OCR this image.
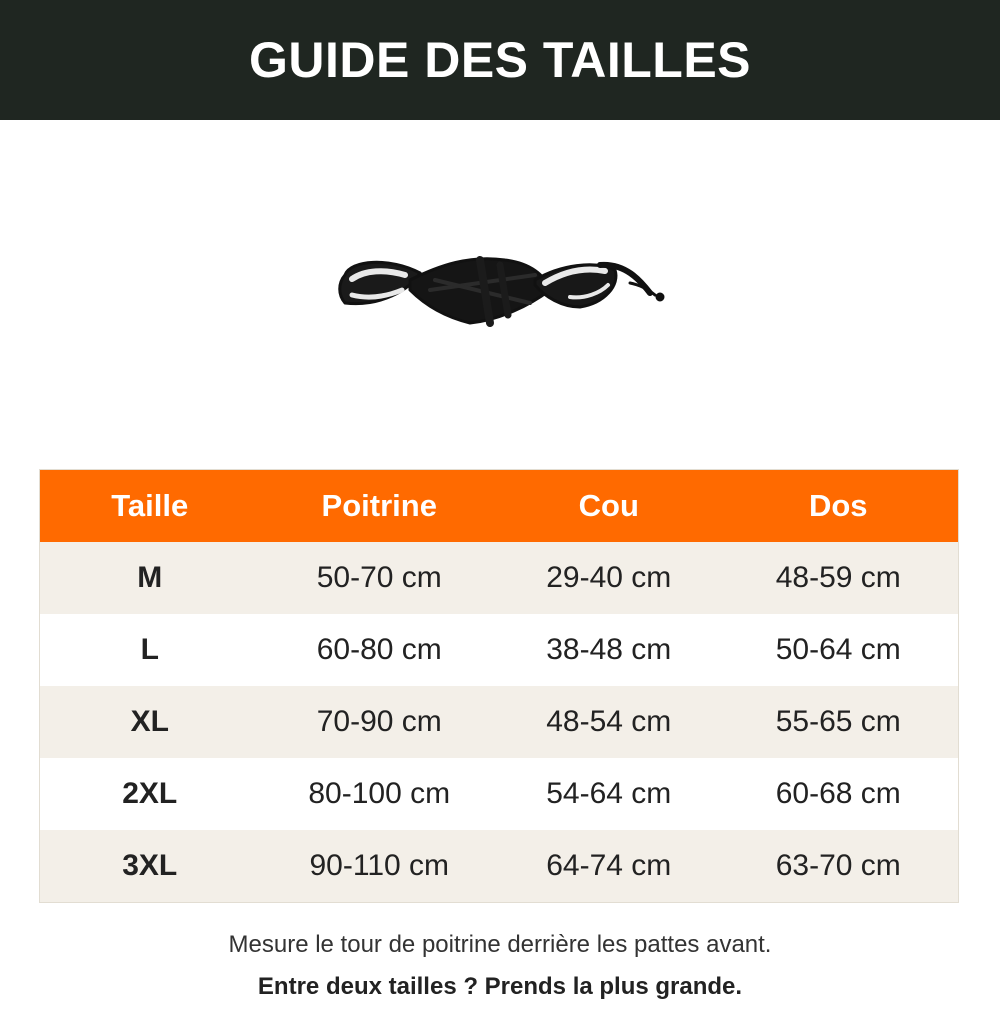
GUIDE DES TAILLES
Taille	Poitrine	Cou	Dos
M	50-70 cm	29-40 cm	48-59 cm
L	60-80 cm	38-48 cm	50-64 cm
XL	70-90 cm	48-54 cm	55-65 cm
2XL	80-100 cm	54-64 cm	60-68 cm
3XL	90-110 cm	64-74 cm	63-70 cm

Mesure le tour de poitrine derrière les pattes avant.

Entre deux tailles ? Prends la plus grande.
